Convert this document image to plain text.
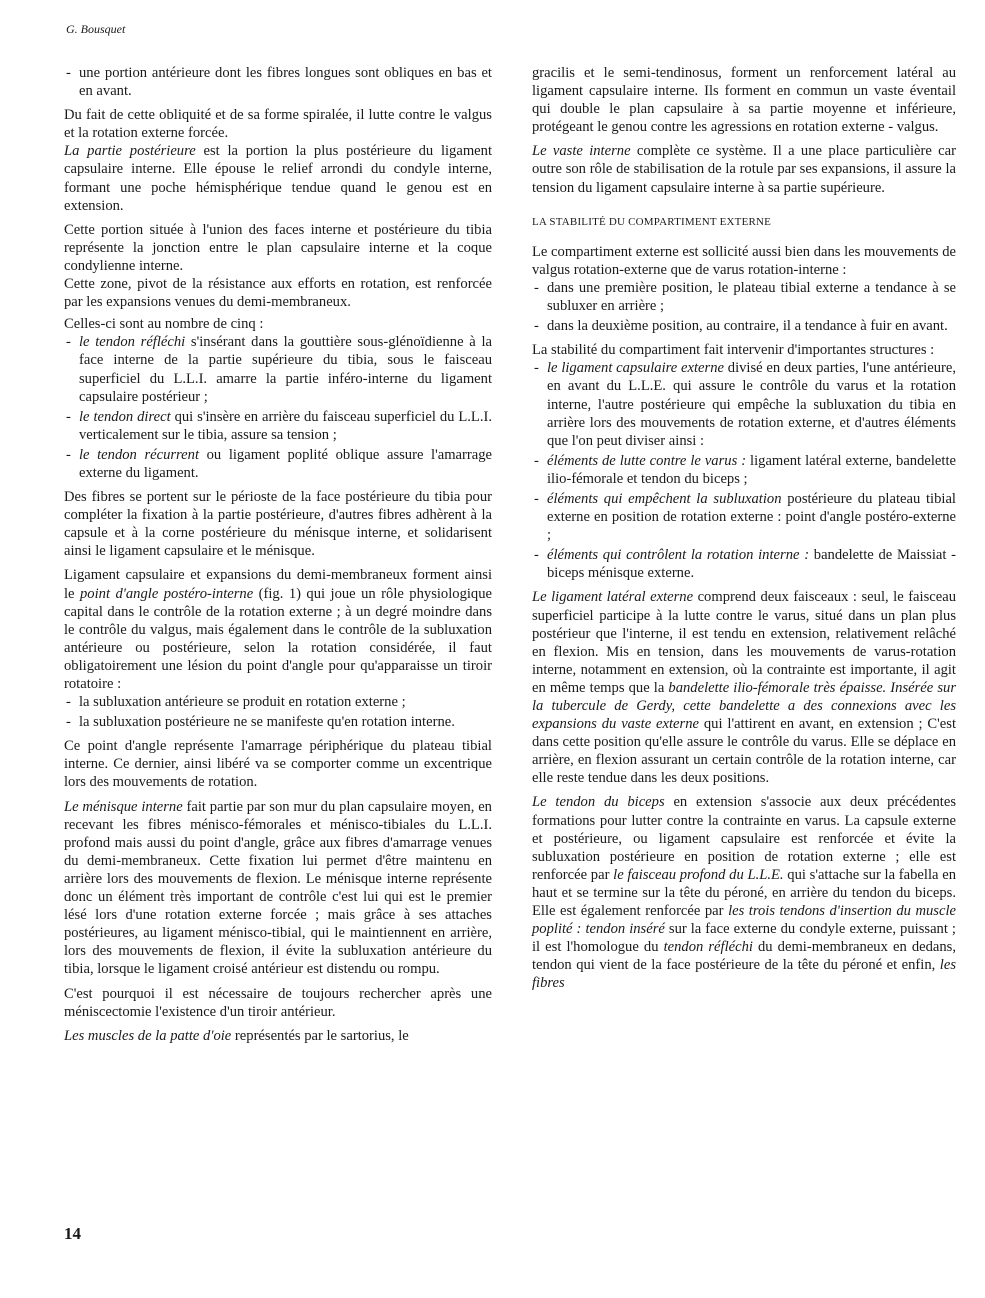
G. Bousquet
- une portion antérieure dont les fibres longues sont obliques en bas et en avant.

Du fait de cette obliquité et de sa forme spiralée, il lutte contre le valgus et la rotation externe forcée.

La partie postérieure est la portion la plus postérieure du ligament capsulaire interne. Elle épouse le relief arrondi du condyle interne, formant une poche hémisphérique tendue quand le genou est en extension.

Cette portion située à l'union des faces interne et postérieure du tibia représente la jonction entre le plan capsulaire interne et la coque condylienne interne.

Cette zone, pivot de la résistance aux efforts en rotation, est renforcée par les expansions venues du demi-membraneux.

Celles-ci sont au nombre de cinq :

- le tendon réfléchi s'insérant dans la gouttière sous-glénoïdienne à la face interne de la partie supérieure du tibia, sous le faisceau superficiel du L.L.I. amarre la partie inféro-interne du ligament capsulaire postérieur ;
- le tendon direct qui s'insère en arrière du faisceau superficiel du L.L.I. verticalement sur le tibia, assure sa tension ;
- le tendon récurrent ou ligament poplité oblique assure l'amarrage externe du ligament.

Des fibres se portent sur le périoste de la face postérieure du tibia pour compléter la fixation à la partie postérieure, d'autres fibres adhèrent à la capsule et à la corne postérieure du ménisque interne, et solidarisent ainsi le ligament capsulaire et le ménisque.

Ligament capsulaire et expansions du demi-membraneux forment ainsi le point d'angle postéro-interne (fig. 1) qui joue un rôle physiologique capital dans le contrôle de la rotation externe ; à un degré moindre dans le contrôle du valgus, mais également dans le contrôle de la subluxation antérieure ou postérieure, selon la rotation considérée, il faut obligatoirement une lésion du point d'angle pour qu'apparaisse un tiroir rotatoire :

- la subluxation antérieure se produit en rotation externe ;
- la subluxation postérieure ne se manifeste qu'en rotation interne.

Ce point d'angle représente l'amarrage périphérique du plateau tibial interne. Ce dernier, ainsi libéré va se comporter comme un excentrique lors des mouvements de rotation.

Le ménisque interne fait partie par son mur du plan capsulaire moyen, en recevant les fibres ménisco-fémorales et ménisco-tibiales du L.L.I. profond mais aussi du point d'angle, grâce aux fibres d'amarrage venues du demi-membraneux. Cette fixation lui permet d'être maintenu en arrière lors des mouvements de flexion. Le ménisque interne représente donc un élément très important de contrôle c'est lui qui est le premier lésé lors d'une rotation externe forcée ; mais grâce à ses attaches postérieures, au ligament ménisco-tibial, qui le maintiennent en arrière, lors des mouvements de flexion, il évite la subluxation antérieure du tibia, lorsque le ligament croisé antérieur est distendu ou rompu.

C'est pourquoi il est nécessaire de toujours rechercher après une méniscectomie l'existence d'un tiroir antérieur.

Les muscles de la patte d'oie représentés par le sartorius, le

gracilis et le semi-tendinosus, forment un renforcement latéral au ligament capsulaire interne. Ils forment en commun un vaste éventail qui double le plan capsulaire à sa partie moyenne et inférieure, protégeant le genou contre les agressions en rotation externe - valgus.

Le vaste interne complète ce système. Il a une place particulière car outre son rôle de stabilisation de la rotule par ses expansions, il assure la tension du ligament capsulaire interne à sa partie supérieure.

LA STABILITÉ DU COMPARTIMENT EXTERNE

Le compartiment externe est sollicité aussi bien dans les mouvements de valgus rotation-externe que de varus rotation-interne :

- dans une première position, le plateau tibial externe a tendance à se subluxer en arrière ;
- dans la deuxième position, au contraire, il a tendance à fuir en avant.

La stabilité du compartiment fait intervenir d'importantes structures :

- le ligament capsulaire externe divisé en deux parties, l'une antérieure, en avant du L.L.E. qui assure le contrôle du varus et la rotation interne, l'autre postérieure qui empêche la subluxation du tibia en arrière lors des mouvements de rotation externe, et d'autres éléments que l'on peut diviser ainsi :
- éléments de lutte contre le varus : ligament latéral externe, bandelette ilio-fémorale et tendon du biceps ;
- éléments qui empêchent la subluxation postérieure du plateau tibial externe en position de rotation externe : point d'angle postéro-externe ;
- éléments qui contrôlent la rotation interne : bandelette de Maissiat - biceps ménisque externe.

Le ligament latéral externe comprend deux faisceaux : seul, le faisceau superficiel participe à la lutte contre le varus, situé dans un plan plus postérieur que l'interne, il est tendu en extension, relativement relâché en flexion. Mis en tension, dans les mouvements de varus-rotation interne, notamment en extension, où la contrainte est importante, il agit en même temps que la bandelette ilio-fémorale très épaisse. Insérée sur la tubercule de Gerdy, cette bandelette a des connexions avec les expansions du vaste externe qui l'attirent en avant, en extension ; C'est dans cette position qu'elle assure le contrôle du varus. Elle se déplace en arrière, en flexion assurant un certain contrôle de la rotation interne, car elle reste tendue dans les deux positions.

Le tendon du biceps en extension s'associe aux deux précédentes formations pour lutter contre la contrainte en varus. La capsule externe et postérieure, ou ligament capsulaire est renforcée et évite la subluxation postérieure en position de rotation externe ; elle est renforcée par le faisceau profond du L.L.E. qui s'attache sur la fabella en haut et se termine sur la tête du péroné, en arrière du tendon du biceps. Elle est également renforcée par les trois tendons d'insertion du muscle poplité : tendon inséré sur la face externe du condyle externe, puissant ; il est l'homologue du tendon réfléchi du demi-membraneux en dedans, tendon qui vient de la face postérieure de la tête du péroné et enfin, les fibres

14
